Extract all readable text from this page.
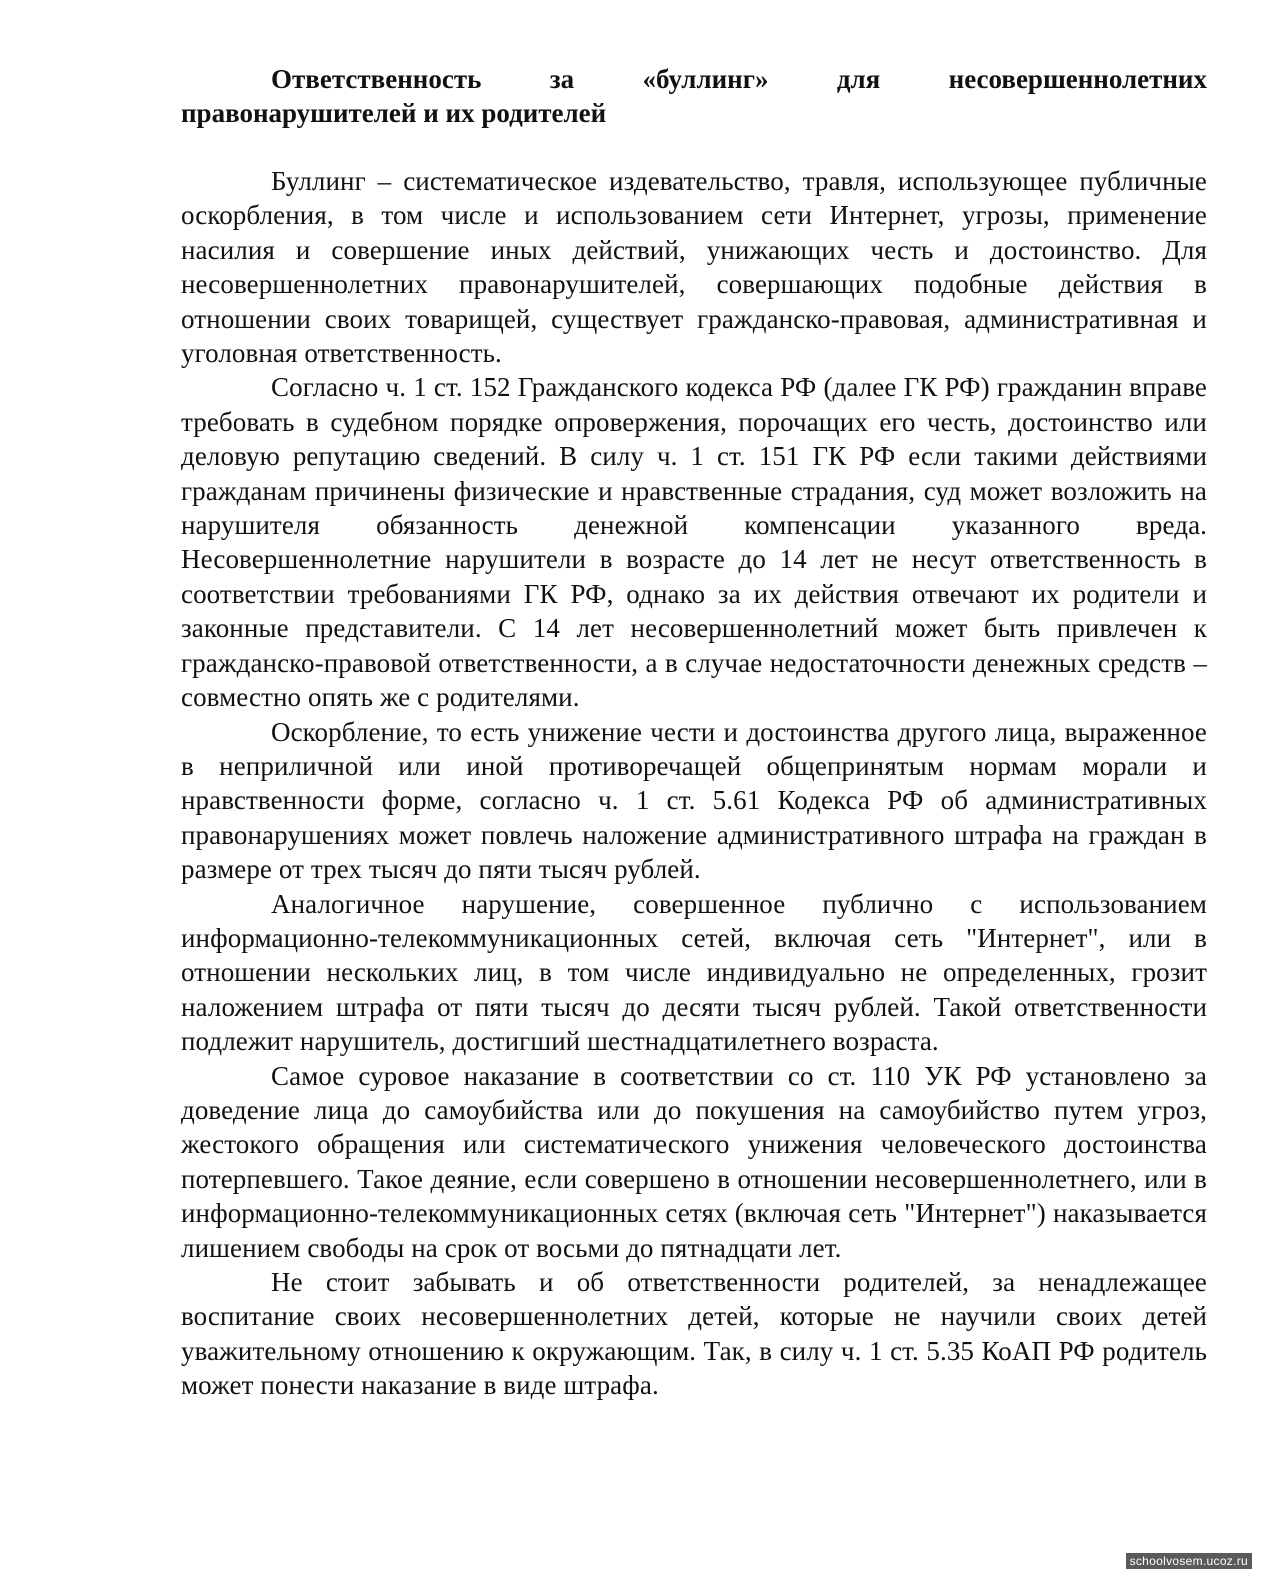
Ответственность за «буллинг» для несовершеннолетних
правонарушителей и их родителей

Буллинг – систематическое издевательство, травля, использующее публичные оскорбления, в том числе и использованием сети Интернет, угрозы, применение насилия и совершение иных действий, унижающих честь и достоинство. Для несовершеннолетних правонарушителей, совершающих подобные действия в отношении своих товарищей, существует гражданско-правовая, административная и уголовная ответственность.

Согласно ч. 1 ст. 152 Гражданского кодекса РФ (далее ГК РФ) гражданин вправе требовать в судебном порядке опровержения, порочащих его честь, достоинство или деловую репутацию сведений. В силу ч. 1 ст. 151 ГК РФ если такими действиями гражданам причинены физические и нравственные страдания, суд может возложить на нарушителя обязанность денежной компенсации указанного вреда. Несовершеннолетние нарушители в возрасте до 14 лет не несут ответственность в соответствии требованиями ГК РФ, однако за их действия отвечают их родители и законные представители. С 14 лет несовершеннолетний может быть привлечен к гражданско-правовой ответственности, а в случае недостаточности денежных средств – совместно опять же с родителями.

Оскорбление, то есть унижение чести и достоинства другого лица, выраженное в неприличной или иной противоречащей общепринятым нормам морали и нравственности форме, согласно ч. 1 ст. 5.61 Кодекса РФ об административных правонарушениях может повлечь наложение административного штрафа на граждан в размере от трех тысяч до пяти тысяч рублей.

Аналогичное нарушение, совершенное публично с использованием информационно-телекоммуникационных сетей, включая сеть "Интернет", или в отношении нескольких лиц, в том числе индивидуально не определенных, грозит наложением штрафа от пяти тысяч до десяти тысяч рублей. Такой ответственности подлежит нарушитель, достигший шестнадцатилетнего возраста.

Самое суровое наказание в соответствии со ст. 110 УК РФ установлено за доведение лица до самоубийства или до покушения на самоубийство путем угроз, жестокого обращения или систематического унижения человеческого достоинства потерпевшего. Такое деяние, если совершено в отношении несовершеннолетнего, или в информационно-телекоммуникационных сетях (включая сеть "Интернет") наказывается лишением свободы на срок от восьми до пятнадцати лет.

Не стоит забывать и об ответственности родителей, за ненадлежащее воспитание своих несовершеннолетних детей, которые не научили своих детей уважительному отношению к окружающим. Так, в силу ч. 1 ст. 5.35 КоАП РФ родитель может понести наказание в виде штрафа.

schoolvosem.ucoz.ru
